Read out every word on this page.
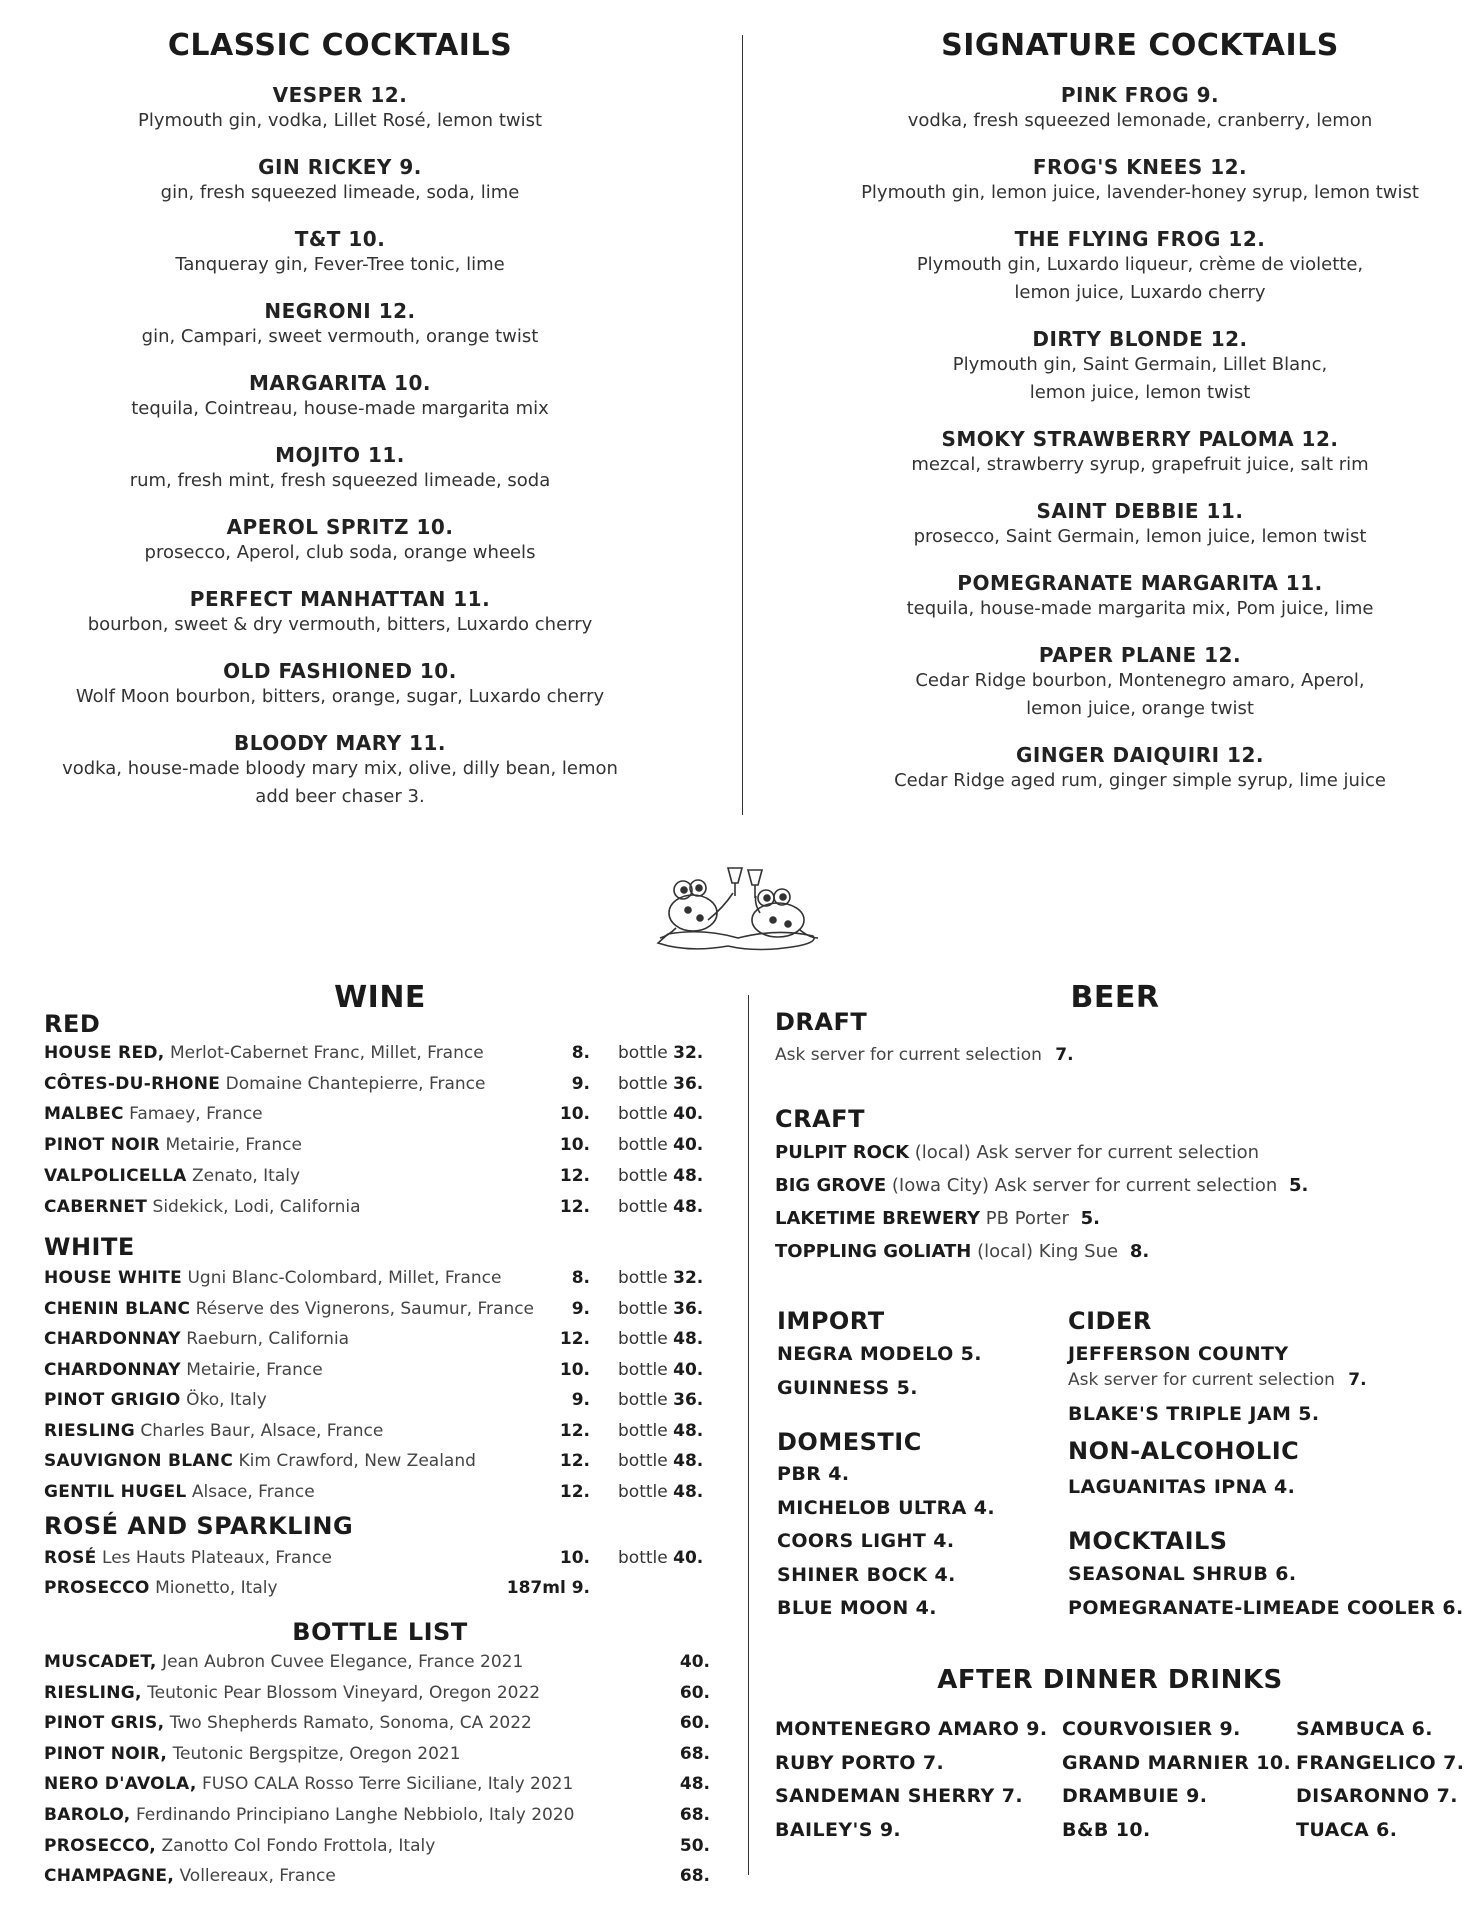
CLASSIC COCKTAILS
VESPER 12.
Plymouth gin, vodka, Lillet Rosé, lemon twist
GIN RICKEY 9.
gin, fresh squeezed limeade, soda, lime
T&T 10.
Tanqueray gin, Fever-Tree tonic, lime
NEGRONI 12.
gin, Campari, sweet vermouth, orange twist
MARGARITA 10.
tequila, Cointreau, house-made margarita mix
MOJITO 11.
rum, fresh mint, fresh squeezed limeade, soda
APEROL SPRITZ 10.
prosecco, Aperol, club soda, orange wheels
PERFECT MANHATTAN 11.
bourbon, sweet & dry vermouth, bitters, Luxardo cherry
OLD FASHIONED 10.
Wolf Moon bourbon, bitters, orange, sugar, Luxardo cherry
BLOODY MARY 11.
vodka, house-made bloody mary mix, olive, dilly bean, lemon
add beer chaser 3.
SIGNATURE COCKTAILS
PINK FROG 9.
vodka, fresh squeezed lemonade, cranberry, lemon
FROG'S KNEES 12.
Plymouth gin, lemon juice, lavender-honey syrup, lemon twist
THE FLYING FROG 12.
Plymouth gin, Luxardo liqueur, crème de violette,
lemon juice, Luxardo cherry
DIRTY BLONDE 12.
Plymouth gin, Saint Germain, Lillet Blanc,
lemon juice, lemon twist
SMOKY STRAWBERRY PALOMA 12.
mezcal, strawberry syrup, grapefruit juice, salt rim
SAINT DEBBIE 11.
prosecco, Saint Germain, lemon juice, lemon twist
POMEGRANATE MARGARITA 11.
tequila, house-made margarita mix, Pom juice, lime
PAPER PLANE 12.
Cedar Ridge bourbon, Montenegro amaro, Aperol,
lemon juice, orange twist
GINGER DAIQUIRI 12.
Cedar Ridge aged rum, ginger simple syrup, lime juice
WINE
RED
HOUSE RED, Merlot-Cabernet Franc, Millet, France	8. bottle 32.
CÔTES-DU-RHONE Domaine Chantepierre, France	9. bottle 36.
MALBEC Famaey, France	10. bottle 40.
PINOT NOIR Metairie, France	10. bottle 40.
VALPOLICELLA Zenato, Italy	12. bottle 48.
CABERNET Sidekick, Lodi, California	12. bottle 48.
WHITE
HOUSE WHITE Ugni Blanc-Colombard, Millet, France	8. bottle 32.
CHENIN BLANC Réserve des Vignerons, Saumur, France	9. bottle 36.
CHARDONNAY Raeburn, California	12. bottle 48.
CHARDONNAY Metairie, France	10. bottle 40.
PINOT GRIGIO Öko, Italy	9. bottle 36.
RIESLING Charles Baur, Alsace, France	12. bottle 48.
SAUVIGNON BLANC Kim Crawford, New Zealand	12. bottle 48.
GENTIL HUGEL Alsace, France	12. bottle 48.
ROSÉ AND SPARKLING
ROSÉ Les Hauts Plateaux, France	10. bottle 40.
PROSECCO Mionetto, Italy	187ml 9.
BOTTLE LIST
MUSCADET, Jean Aubron Cuvee Elegance, France 2021	40.
RIESLING, Teutonic Pear Blossom Vineyard, Oregon 2022	60.
PINOT GRIS, Two Shepherds Ramato, Sonoma, CA 2022	60.
PINOT NOIR, Teutonic Bergspitze, Oregon 2021	68.
NERO D'AVOLA, FUSO CALA Rosso Terre Siciliane, Italy 2021	48.
BAROLO, Ferdinando Principiano Langhe Nebbiolo, Italy 2020	68.
PROSECCO, Zanotto Col Fondo Frottola, Italy	50.
CHAMPAGNE, Vollereaux, France	68.
BEER
DRAFT
Ask server for current selection 7.
CRAFT
PULPIT ROCK (local) Ask server for current selection
BIG GROVE (Iowa City) Ask server for current selection 5.
LAKETIME BREWERY PB Porter 5.
TOPPLING GOLIATH (local) King Sue 8.
IMPORT
NEGRA MODELO 5.
GUINNESS 5.
DOMESTIC
PBR 4.
MICHELOB ULTRA 4.
COORS LIGHT 4.
SHINER BOCK 4.
BLUE MOON 4.
CIDER
JEFFERSON COUNTY
Ask server for current selection 7.
BLAKE'S TRIPLE JAM 5.
NON-ALCOHOLIC
LAGUANITAS IPNA 4.
MOCKTAILS
SEASONAL SHRUB 6.
POMEGRANATE-LIMEADE COOLER 6.
AFTER DINNER DRINKS
MONTENEGRO AMARO 9.
RUBY PORTO 7.
SANDEMAN SHERRY 7.
BAILEY'S 9.
COURVOISIER 9.
GRAND MARNIER 10.
DRAMBUIE 9.
B&B 10.
SAMBUCA 6.
FRANGELICO 7.
DISARONNO 7.
TUACA 6.
